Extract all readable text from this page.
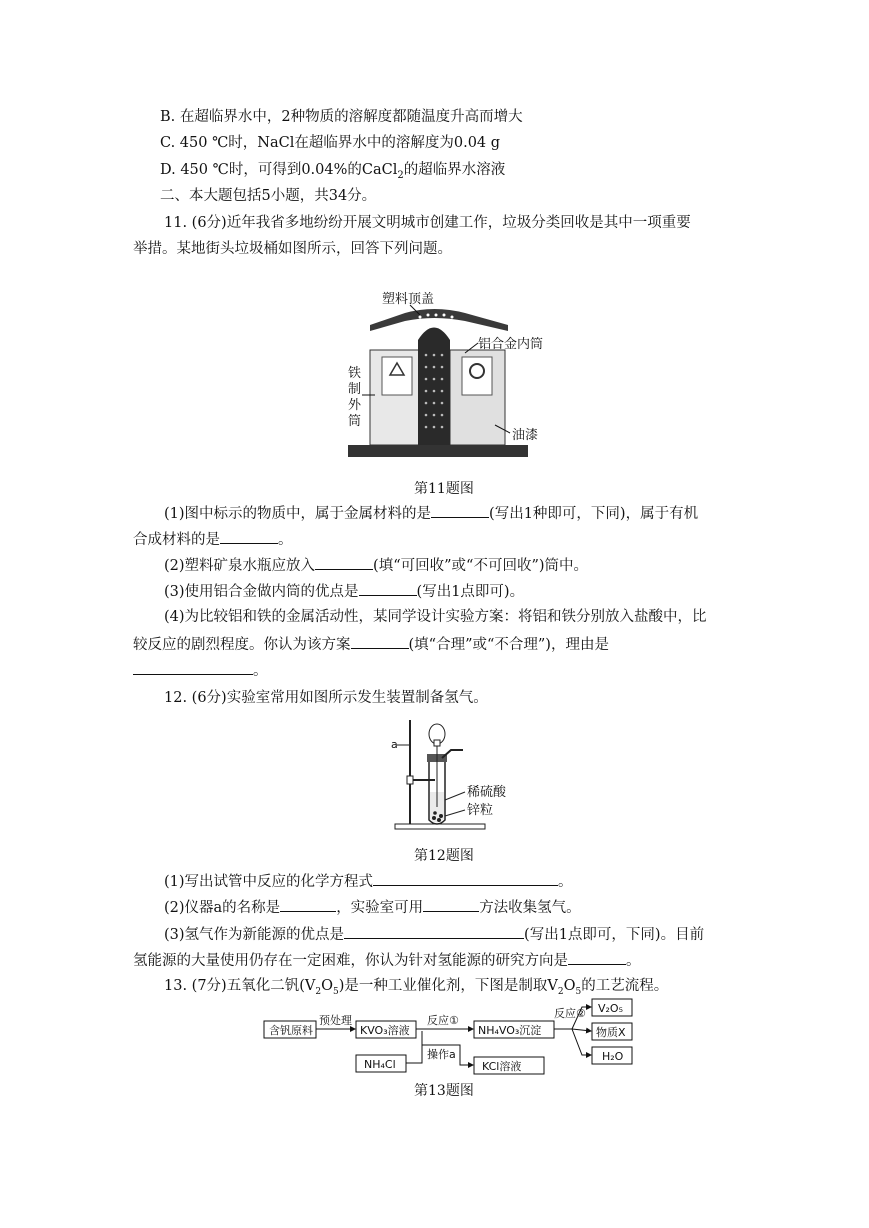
B. 在超临界水中，2种物质的溶解度都随温度升高而增大
C. 450 ℃时，NaCl在超临界水中的溶解度为0.04 g
D. 450 ℃时，可得到0.04%的CaCl$_2$的超临界水溶液
二、本大题包括5小题，共34分。
11. (6分)近年我省多地纷纷开展文明城市创建工作，垃圾分类回收是其中一项重要
举措。某地街头垃圾桶如图所示，回答下列问题。
塑料顶盖
铝合金内筒
铁
制
外
筒
油漆
第11题图
(1)图中标示的物质中，属于金属材料的是	(写出1种即可，下同)，属于有机
合成材料的是	。
(2)塑料矿泉水瓶应放入	(填“可回收”或“不可回收”)筒中。
(3)使用铝合金做内筒的优点是	(写出1点即可)。
(4)为比较铝和铁的金属活动性，某同学设计实验方案：将铝和铁分别放入盐酸中，比
较反应的剧烈程度。你认为该方案	(填“合理”或“不合理”)，理由是
。
12. (6分)实验室常用如图所示发生装置制备氢气。
a
稀硫酸
锌粒
第12题图
(1)写出试管中反应的化学方程式	。
(2)仪器a的名称是	，实验室可用	方法收集氢气。
(3)氢气作为新能源的优点是	(写出1点即可，下同)。目前
氢能源的大量使用仍存在一定困难，你认为针对氢能源的研究方向是	。
13. (7分)五氧化二钒$(V_2O_5)$是一种工业催化剂，下图是制取$V_2O_5$的工艺流程。
含钒原料
预处理
KVO₃溶液
NH₄Cl
反应①
操作a
NH₄VO₃沉淀
KCl溶液
反应② V₂O₅
物质X
H₂O
第13题图
